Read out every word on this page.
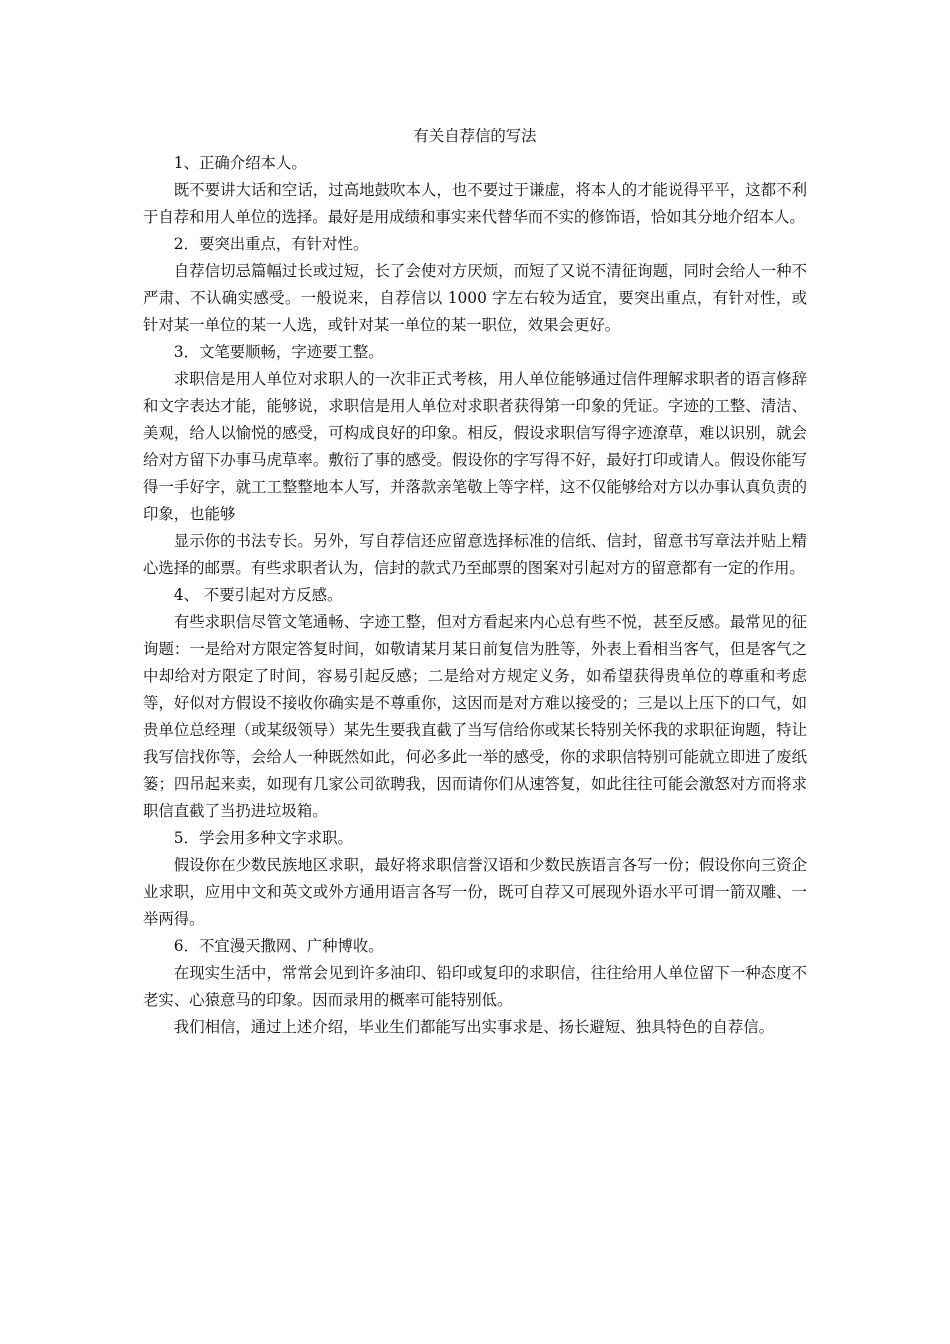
有关自荐信的写法

1、正确介绍本人。

既不要讲大话和空话，过高地鼓吹本人，也不要过于谦虚，将本人的才能说得平平，这都不利于自荐和用人单位的选择。最好是用成绩和事实来代替华而不实的修饰语，恰如其分地介绍本人。

2．要突出重点，有针对性。

自荐信切忌篇幅过长或过短，长了会使对方厌烦，而短了又说不清征询题，同时会给人一种不严肃、不认确实感受。一般说来，自荐信以 1000 字左右较为适宜，要突出重点，有针对性，或针对某一单位的某一人选，或针对某一单位的某一职位，效果会更好。

3．文笔要顺畅，字迹要工整。

求职信是用人单位对求职人的一次非正式考核，用人单位能够通过信件理解求职者的语言修辞和文字表达才能，能够说，求职信是用人单位对求职者获得第一印象的凭证。字迹的工整、清洁、美观，给人以愉悦的感受，可构成良好的印象。相反，假设求职信写得字迹潦草，难以识别，就会给对方留下办事马虎草率。敷衍了事的感受。假设你的字写得不好，最好打印或请人。假设你能写得一手好字，就工工整整地本人写，并落款亲笔敬上等字样，这不仅能够给对方以办事认真负责的印象，也能够

显示你的书法专长。另外，写自荐信还应留意选择标准的信纸、信封，留意书写章法并贴上精心选择的邮票。有些求职者认为，信封的款式乃至邮票的图案对引起对方的留意都有一定的作用。

4、 不要引起对方反感。

有些求职信尽管文笔通畅、字迹工整，但对方看起来内心总有些不悦，甚至反感。最常见的征询题：一是给对方限定答复时间，如敬请某月某日前复信为胜等，外表上看相当客气，但是客气之中却给对方限定了时间，容易引起反感；二是给对方规定义务，如希望获得贵单位的尊重和考虑等，好似对方假设不接收你确实是不尊重你，这因而是对方难以接受的；三是以上压下的口气，如贵单位总经理（或某级领导）某先生要我直截了当写信给你或某长特别关怀我的求职征询题，特让我写信找你等，会给人一种既然如此，何必多此一举的感受，你的求职信特别可能就立即进了废纸篓；四吊起来卖，如现有几家公司欲聘我，因而请你们从速答复，如此往往可能会激怒对方而将求职信直截了当扔进垃圾箱。

5．学会用多种文字求职。

假设你在少数民族地区求职，最好将求职信誉汉语和少数民族语言各写一份；假设你向三资企业求职，应用中文和英文或外方通用语言各写一份，既可自荐又可展现外语水平可谓一箭双雕、一举两得。

6．不宜漫天撒网、广种博收。

在现实生活中，常常会见到许多油印、铅印或复印的求职信，往往给用人单位留下一种态度不老实、心猿意马的印象。因而录用的概率可能特别低。

我们相信，通过上述介绍，毕业生们都能写出实事求是、扬长避短、独具特色的自荐信。
